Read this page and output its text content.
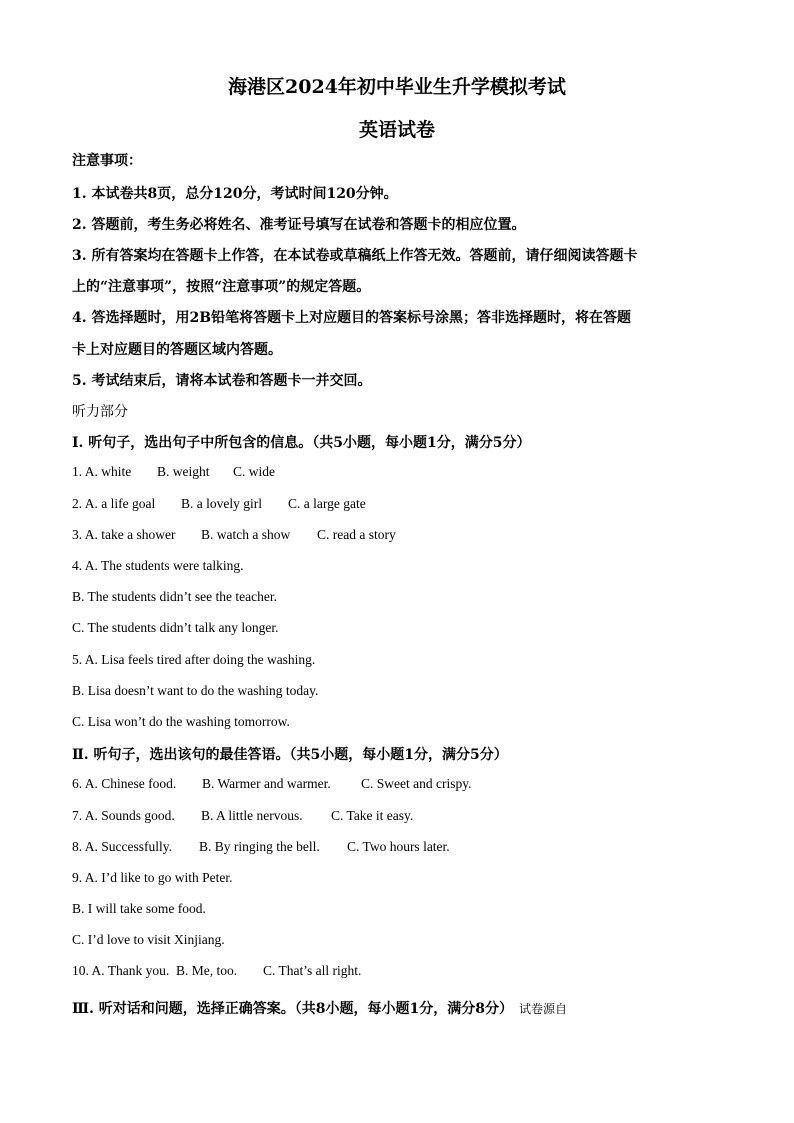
海港区2024年初中毕业生升学模拟考试
英语试卷
注意事项：
1. 本试卷共8页，总分120分，考试时间120分钟。
2. 答题前，考生务必将姓名、准考证号填写在试卷和答题卡的相应位置。
3. 所有答案均在答题卡上作答，在本试卷或草稿纸上作答无效。答题前，请仔细阅读答题卡
上的“注意事项”，按照“注意事项”的规定答题。
4. 答选择题时，用2B铅笔将答题卡上对应题目的答案标号涂黑；答非选择题时，将在答题
卡上对应题目的答题区域内答题。
5. 考试结束后，请将本试卷和答题卡一并交回。
听力部分
Ⅰ. 听句子，选出句子中所包含的信息。（共5小题，每小题1分，满分5分）
1. A. white B. weight C. wide
2. A. a life goal B. a lovely girl C. a large gate
3. A. take a shower B. watch a show C. read a story
4. A. The students were talking.
B. The students didn’t see the teacher.
C. The students didn’t talk any longer.
5. A. Lisa feels tired after doing the washing.
B. Lisa doesn’t want to do the washing today.
C. Lisa won’t do the washing tomorrow.
Ⅱ. 听句子，选出该句的最佳答语。（共5小题，每小题1分，满分5分）
6. A. Chinese food. B. Warmer and warmer. C. Sweet and crispy.
7. A. Sounds good. B. A little nervous. C. Take it easy.
8. A. Successfully. B. By ringing the bell. C. Two hours later.
9. A. I’d like to go with Peter.
B. I will take some food.
C. I’d love to visit Xinjiang.
10. A. Thank you. B. Me, too. C. That’s all right.
Ⅲ. 听对话和问题，选择正确答案。（共8小题，每小题1分，满分8分） 试卷源自
